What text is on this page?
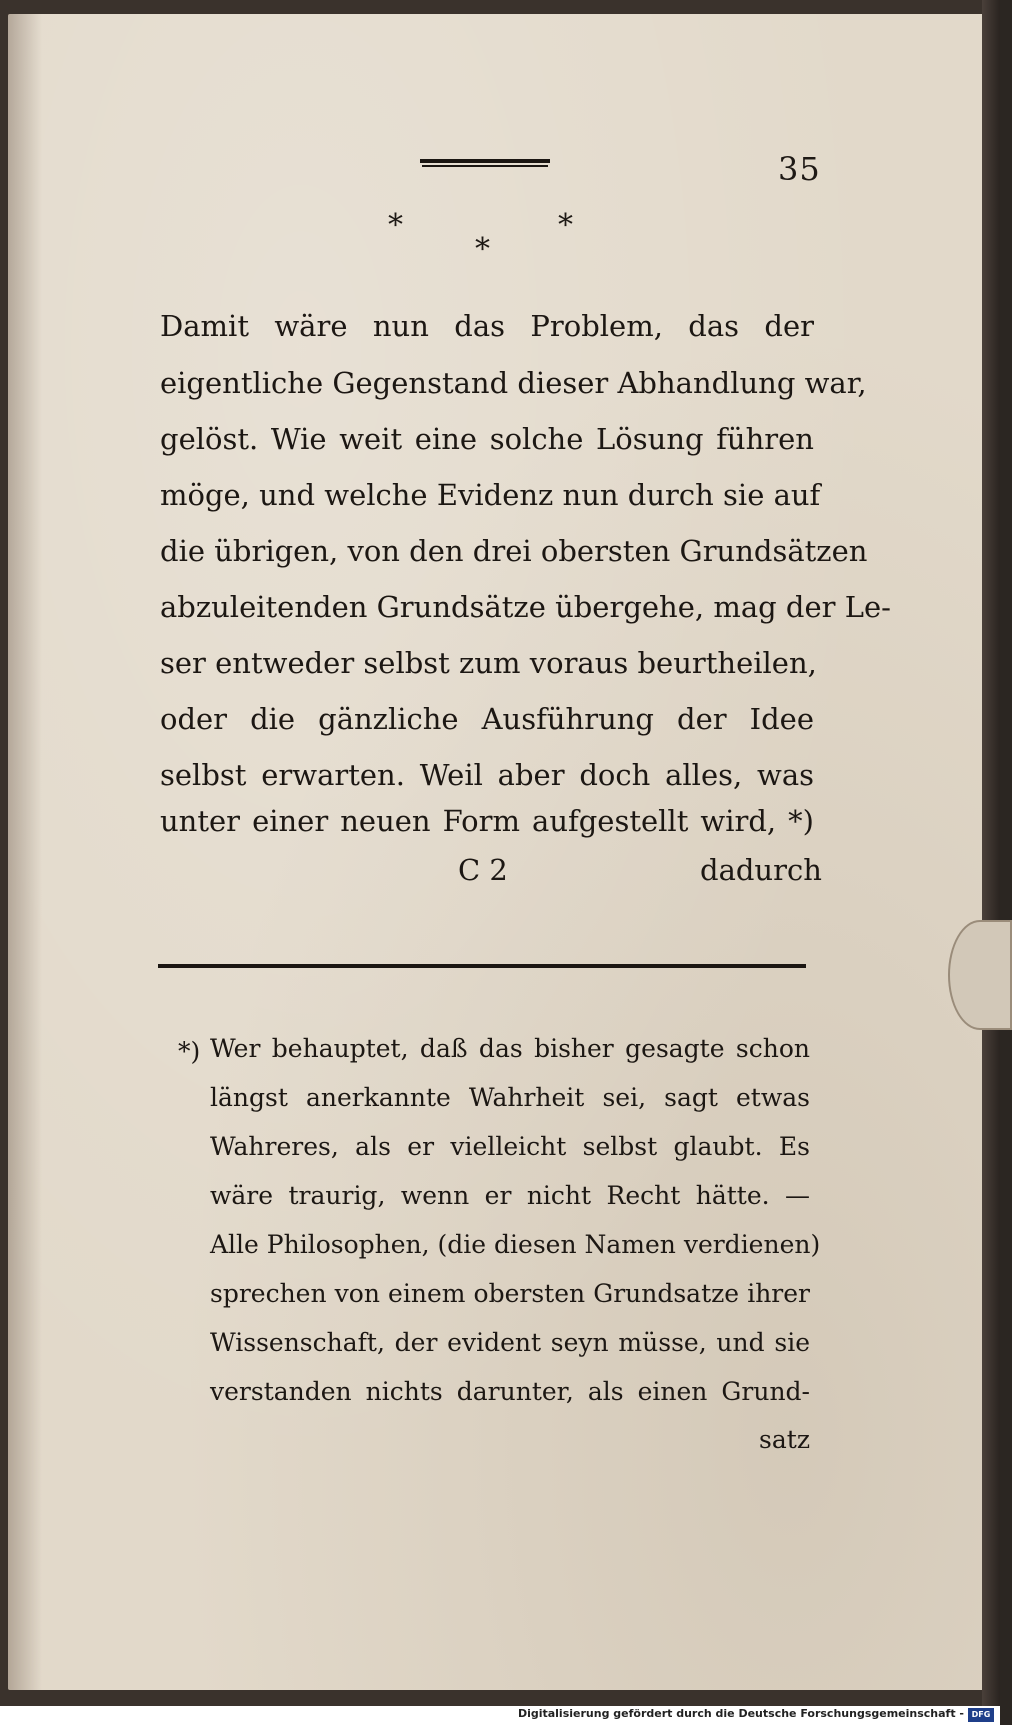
35
*
*
*
Damit wäre nun das Problem, das der
eigentliche Gegenstand dieser Abhandlung war,
gelöst. Wie weit eine solche Lösung führen
möge, und welche Evidenz nun durch sie auf
die übrigen, von den drei obersten Grundsätzen
abzuleitenden Grundsätze übergehe, mag der Le-
ser entweder selbst zum voraus beurtheilen,
oder die gänzliche Ausführung der Idee
selbst erwarten. Weil aber doch alles, was
unter einer neuen Form aufgestellt wird, *)
C 2	dadurch
*) Wer behauptet, daß das bisher gesagte schon
längst anerkannte Wahrheit sei, sagt etwas
Wahreres, als er vielleicht selbst glaubt. Es
wäre traurig, wenn er nicht Recht hätte. —
Alle Philosophen, (die diesen Namen verdienen)
sprechen von einem obersten Grundsatze ihrer
Wissenschaft, der evident seyn müsse, und sie
verstanden nichts darunter, als einen Grund-
satz
Digitalisierung gefördert durch die Deutsche Forschungsgemeinschaft - DFG
